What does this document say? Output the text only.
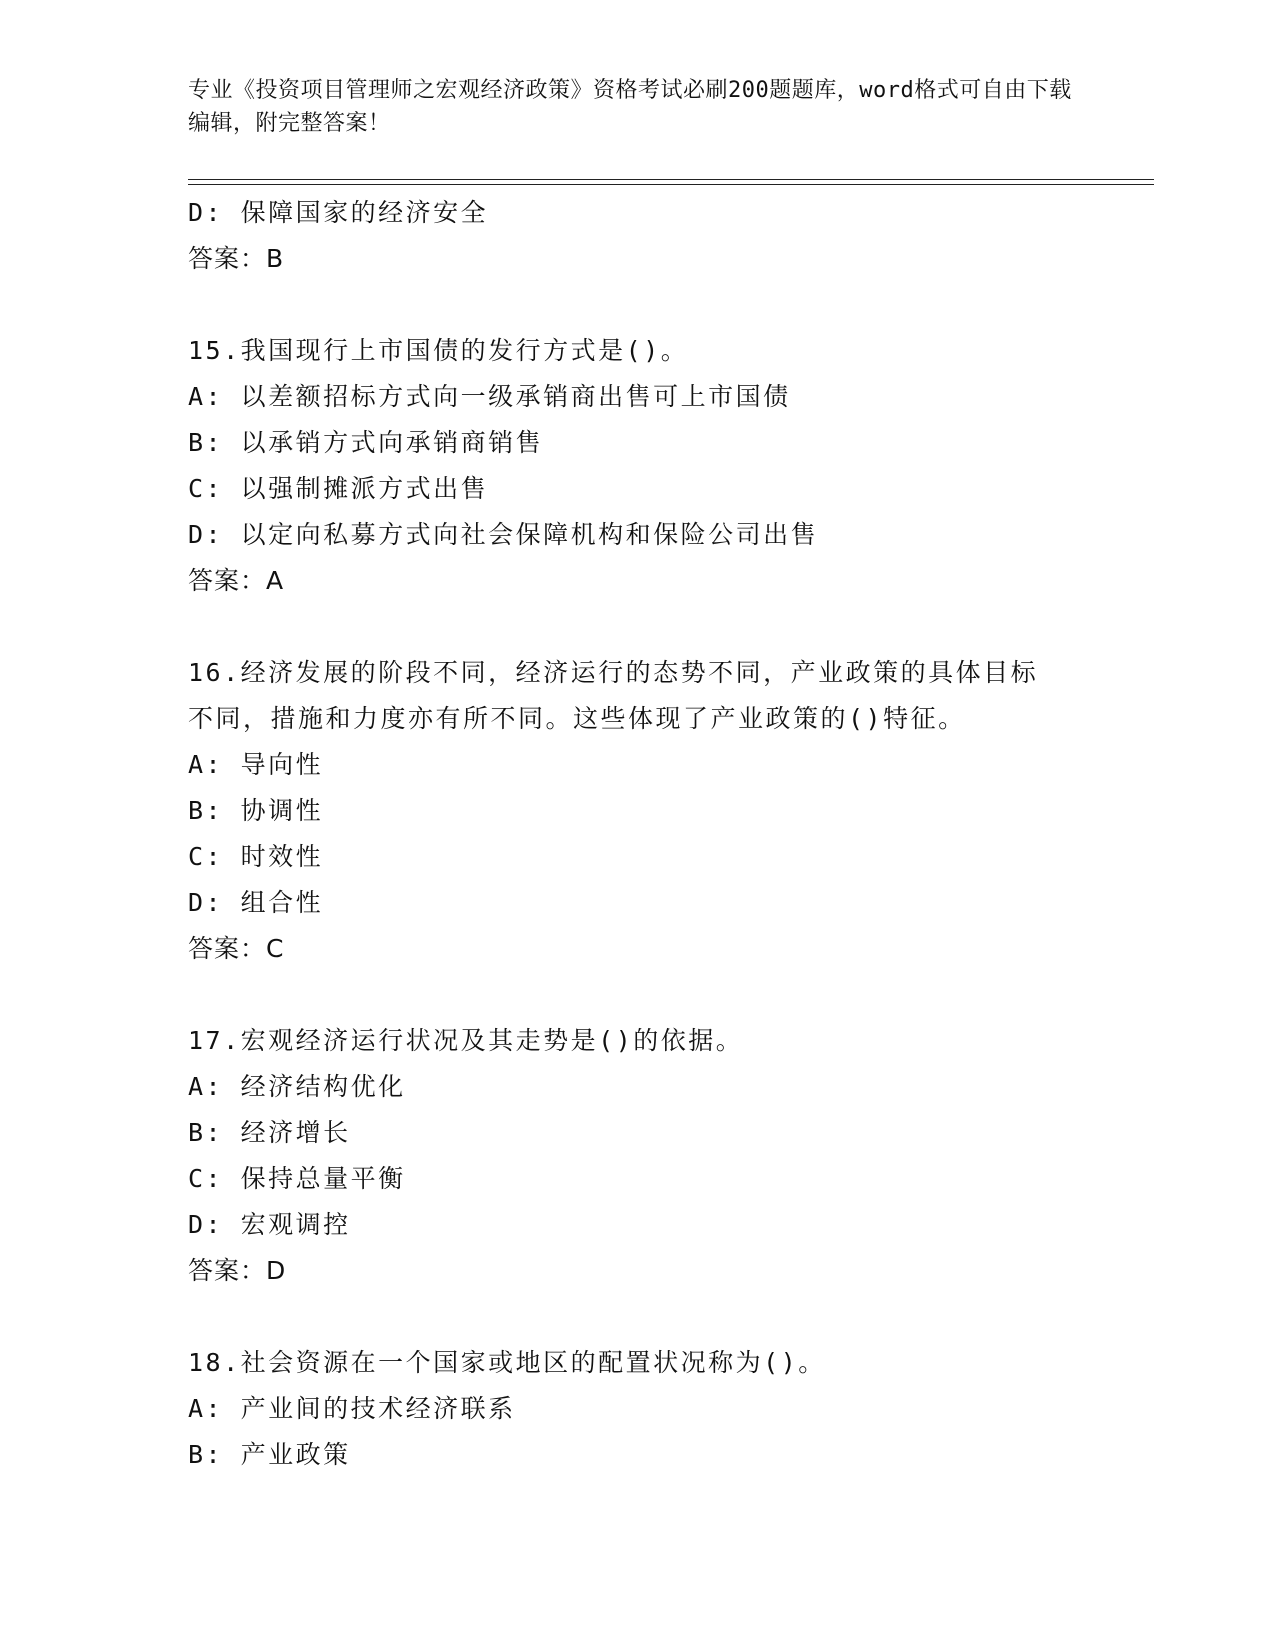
专业《投资项目管理师之宏观经济政策》资格考试必刷200题题库，word格式可自由下载编辑，附完整答案！
D: 保障国家的经济安全
答案：B
15.我国现行上市国债的发行方式是()。
A: 以差额招标方式向一级承销商出售可上市国债
B: 以承销方式向承销商销售
C: 以强制摊派方式出售
D: 以定向私募方式向社会保障机构和保险公司出售
答案：A
16.经济发展的阶段不同，经济运行的态势不同，产业政策的具体目标
不同，措施和力度亦有所不同。这些体现了产业政策的()特征。
A: 导向性
B: 协调性
C: 时效性
D: 组合性
答案：C
17.宏观经济运行状况及其走势是()的依据。
A: 经济结构优化
B: 经济增长
C: 保持总量平衡
D: 宏观调控
答案：D
18.社会资源在一个国家或地区的配置状况称为()。
A: 产业间的技术经济联系
B: 产业政策
